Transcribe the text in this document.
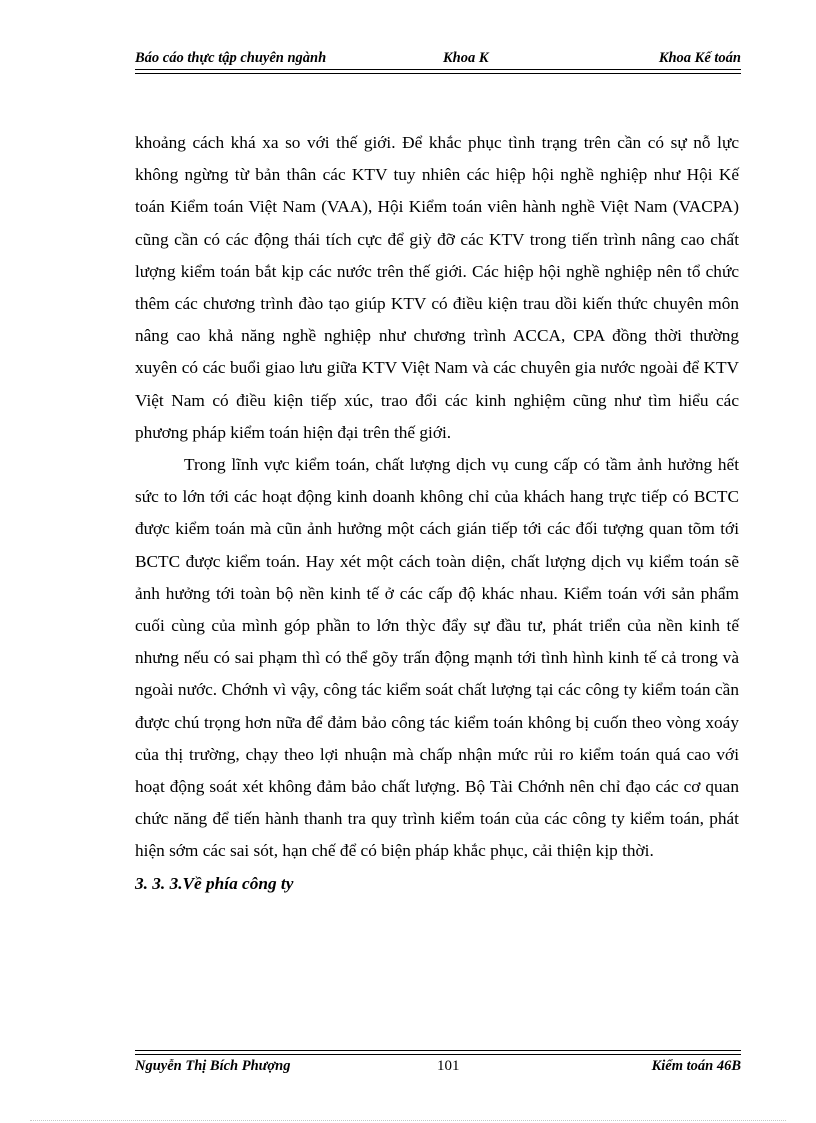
Báo cáo thực tập chuyên ngành	Khoa K	Khoa Kế toán

khoảng cách khá xa so với thế giới. Để khắc phục tình trạng trên cần có sự nỗ lực không ngừng từ bản thân các KTV tuy nhiên các hiệp hội nghề nghiệp như Hội Kế toán Kiểm toán Việt Nam (VAA), Hội Kiểm toán viên hành nghề Việt Nam (VACPA) cũng cần có các động thái tích cực để giỳ đỡ các KTV trong tiến trình nâng cao chất lượng kiểm toán bắt kịp các nước trên thế giới. Các hiệp hội nghề nghiệp nên tổ chức thêm các chương trình đào tạo giúp KTV có điều kiện trau dồi kiến thức chuyên môn nâng cao khả năng nghề nghiệp như chương trình ACCA, CPA đồng thời thường xuyên có các buổi giao lưu giữa KTV Việt Nam và các chuyên gia nước ngoài để KTV Việt Nam có điều kiện tiếp xúc, trao đổi các kinh nghiệm cũng như tìm hiểu các phương pháp kiểm toán hiện đại trên thế giới.

Trong lĩnh vực kiểm toán, chất lượng dịch vụ cung cấp có tầm ảnh hưởng hết sức to lớn tới các hoạt động kinh doanh không chỉ của khách hang trực tiếp có BCTC được kiểm toán mà cũn ảnh hưởng một cách gián tiếp tới các đối tượng quan tõm tới BCTC được kiểm toán. Hay xét một cách toàn diện, chất lượng dịch vụ kiểm toán sẽ ảnh hưởng tới toàn bộ nền kinh tế ở các cấp độ khác nhau. Kiểm toán với sản phẩm cuối cùng của mình góp phần to lớn thỳc đẩy sự đầu tư, phát triển của nền kinh tế nhưng nếu có sai phạm thì có thể gõy trấn động mạnh tới tình hình kinh tế cả trong và ngoài nước. Chớnh vì vậy, công tác kiểm soát chất lượng tại các công ty kiểm toán cần được chú trọng hơn nữa để đảm bảo công tác kiểm toán không bị cuốn theo vòng xoáy của thị trường, chạy theo lợi nhuận mà chấp nhận mức rủi ro kiểm toán quá cao với hoạt động soát xét không đảm bảo chất lượng. Bộ Tài Chớnh nên chỉ đạo các cơ quan chức năng để tiến hành thanh tra quy trình kiểm toán của các công ty kiểm toán, phát hiện sớm các sai sót, hạn chế để có biện pháp khắc phục, cải thiện kịp thời.

3. 3. 3.Về phía công ty

Nguyễn Thị Bích Phượng	101	Kiểm toán 46B
